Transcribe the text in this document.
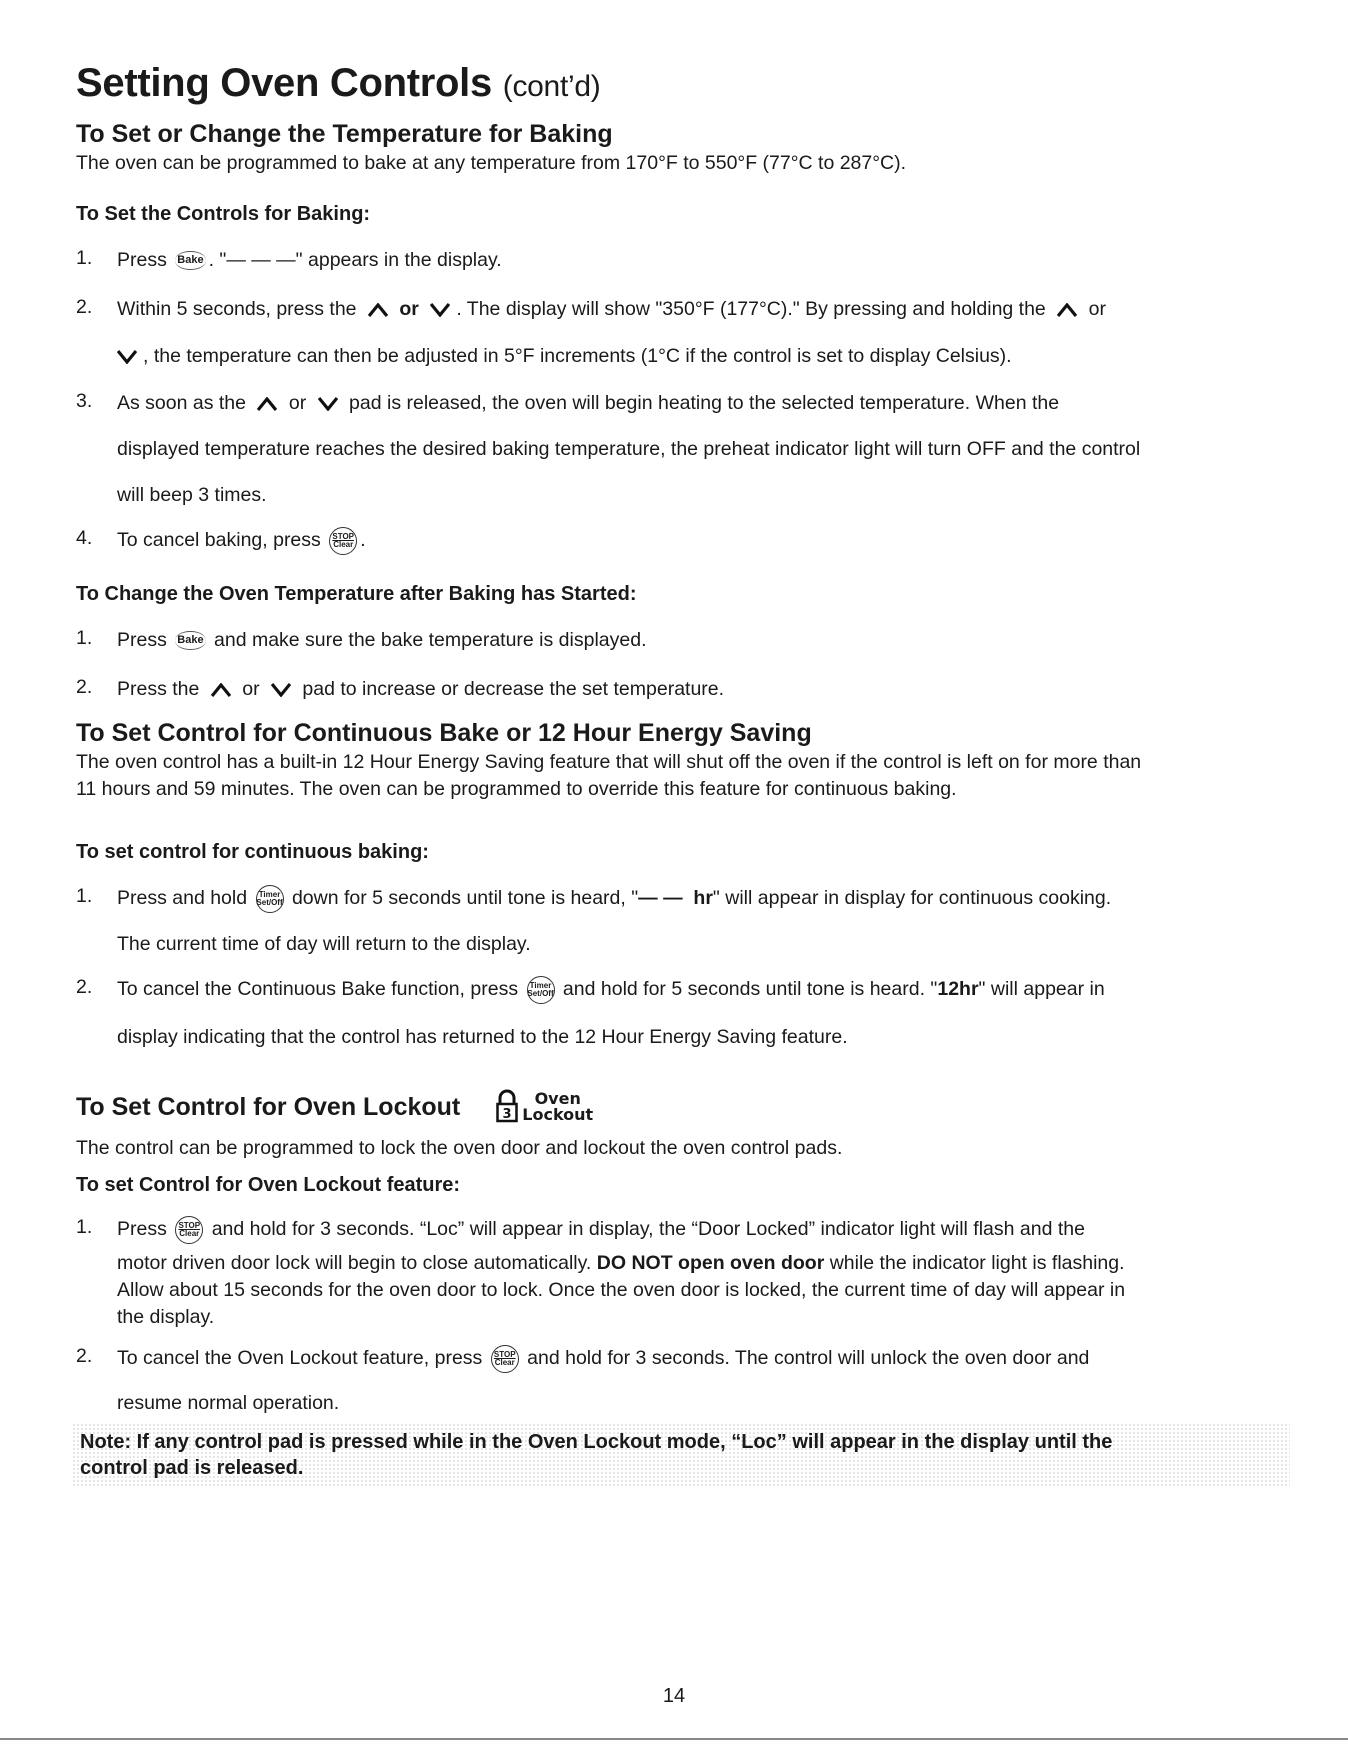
Setting Oven Controls (cont’d)
To Set or Change the Temperature for Baking

The oven can be programmed to bake at any temperature from 170°F to 550°F (77°C to 287°C).

To Set the Controls for Baking:
1. Press Bake . "— — —" appears in the display.
2. Within 5 seconds, press the or . The display will show "350°F (177°C)." By pressing and holding the or
, the temperature can then be adjusted in 5°F increments (1°C if the control is set to display Celsius).
3. As soon as the or pad is released, the oven will begin heating to the selected temperature. When the
displayed temperature reaches the desired baking temperature, the preheat indicator light will turn OFF and the control
will beep 3 times.
4. To cancel baking, press STOP
Clear .
To Change the Oven Temperature after Baking has Started:
1. Press Bake and make sure the bake temperature is displayed.
2. Press the or pad to increase or decrease the set temperature.
To Set Control for Continuous Bake or 12 Hour Energy Saving

The oven control has a built-in 12 Hour Energy Saving feature that will shut off the oven if the control is left on for more than

11 hours and 59 minutes. The oven can be programmed to override this feature for continuous baking.

To set control for continuous baking:
1. Press and hold Timer
Set/Off down for 5 seconds until tone is heard, "— — hr" will appear in display for continuous cooking.
The current time of day will return to the display.
2. To cancel the Continuous Bake function, press Timer
Set/Off and hold for 5 seconds until tone is heard. "12hr" will appear in
display indicating that the control has returned to the 12 Hour Energy Saving feature.
To Set Control for Oven Lockout	3
Oven
Lockout

The control can be programmed to lock the oven door and lockout the oven control pads.

To set Control for Oven Lockout feature:
1. Press STOP
Clear and hold for 3 seconds. “Loc” will appear in display, the “Door Locked” indicator light will flash and the
motor driven door lock will begin to close automatically. DO NOT open oven door while the indicator light is flashing.
Allow about 15 seconds for the oven door to lock. Once the oven door is locked, the current time of day will appear in
the display.
2. To cancel the Oven Lockout feature, press STOP
Clear and hold for 3 seconds. The control will unlock the oven door and
resume normal operation.
Note: If any control pad is pressed while in the Oven Lockout mode, “Loc” will appear in the display until the
control pad is released.
14
